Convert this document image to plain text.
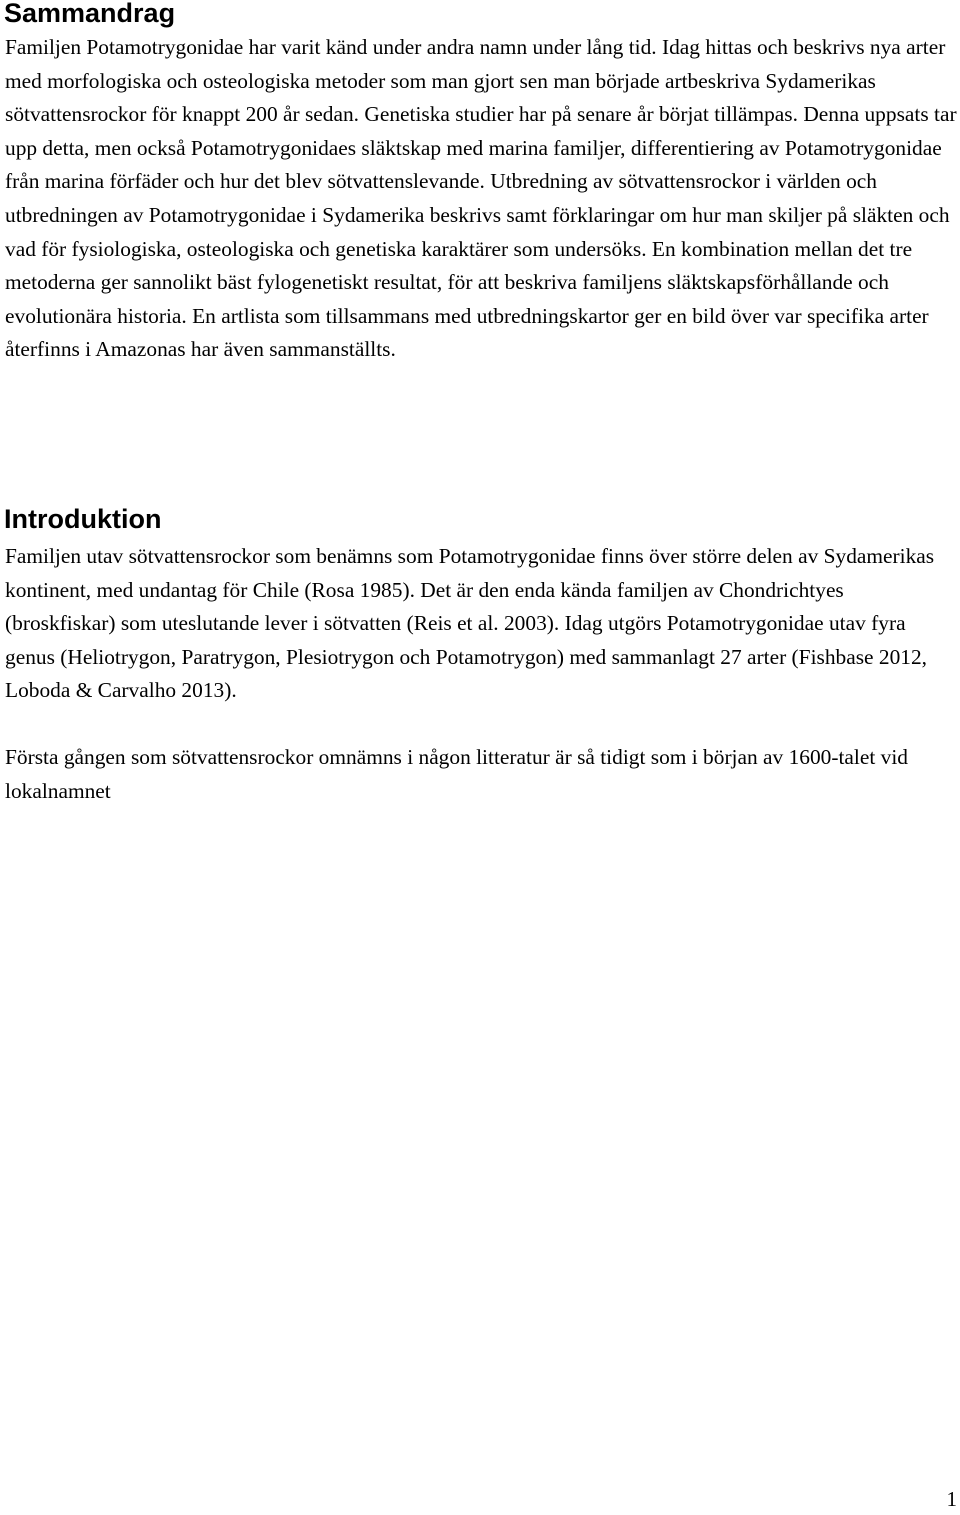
Sammandrag

Familjen Potamotrygonidae har varit känd under andra namn under lång tid. Idag hittas och beskrivs nya arter med morfologiska och osteologiska metoder som man gjort sen man började artbeskriva Sydamerikas sötvattensrockor för knappt 200 år sedan. Genetiska studier har på senare år börjat tillämpas. Denna uppsats tar upp detta, men också Potamotrygonidaes släktskap med marina familjer, differentiering av Potamotrygonidae från marina förfäder och hur det blev sötvattenslevande. Utbredning av sötvattensrockor i världen och utbredningen av Potamotrygonidae i Sydamerika beskrivs samt förklaringar om hur man skiljer på släkten och vad för fysiologiska, osteologiska och genetiska karaktärer som undersöks. En kombination mellan det tre metoderna ger sannolikt bäst fylogenetiskt resultat, för att beskriva familjens släktskapsförhållande och evolutionära historia. En artlista som tillsammans med utbredningskartor ger en bild över var specifika arter återfinns i Amazonas har även sammanställts.

Introduktion

Familjen utav sötvattensrockor som benämns som Potamotrygonidae finns över större delen av Sydamerikas kontinent, med undantag för Chile (Rosa 1985). Det är den enda kända familjen av Chondrichtyes (broskfiskar) som uteslutande lever i sötvatten (Reis et al. 2003). Idag utgörs Potamotrygonidae utav fyra genus (Heliotrygon, Paratrygon, Plesiotrygon och Potamotrygon) med sammanlagt 27 arter (Fishbase 2012, Loboda & Carvalho 2013).

Första gången som sötvattensrockor omnämns i någon litteratur är så tidigt som i början av 1600-talet vid lokalnamnet

1
